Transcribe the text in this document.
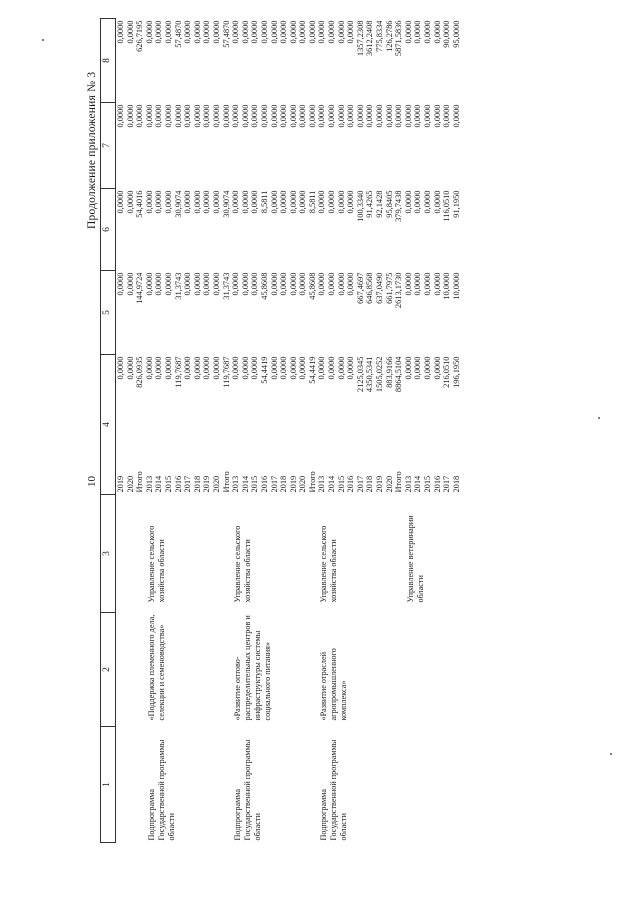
10
Продолжение приложения № 3
1	2	3	4		5	6	7	8
			2019	0,0000	0,0000	0,0000	0,0000	0,0000
			2020	0,0000	0,0000	0,0000	0,0000	0,0000
			Итого	826,0935	144,9724	54,4016	0,0000	626,7195
Подпрограмма Государственной программы области	«Поддержка племенного дела, селекции и семеноводства»	Управление сельского хозяйства области	2013	0,0000	0,0000	0,0000	0,0000	0,0000
			2014	0,0000	0,0000	0,0000	0,0000	0,0000
			2015	0,0000	0,0000	0,0000	0,0000	0,0000
			2016	119,7687	31,3743	30,9074	0,0000	57,4870
			2017	0,0000	0,0000	0,0000	0,0000	0,0000
			2018	0,0000	0,0000	0,0000	0,0000	0,0000
			2019	0,0000	0,0000	0,0000	0,0000	0,0000
			2020	0,0000	0,0000	0,0000	0,0000	0,0000
			Итого	119,7687	31,3743	30,9074	0,0000	57,4870
Подпрограмма Государственной программы области	«Развитие оптово-распределительных центров и инфраструктуры системы социального питания»	Управление сельского хозяйства области	2013	0,0000	0,0000	0,0000	0,0000	0,0000
			2014	0,0000	0,0000	0,0000	0,0000	0,0000
			2015	0,0000	0,0000	0,0000	0,0000	0,0000
			2016	54,4419	45,8608	8,5811	0,0000	0,0000
			2017	0,0000	0,0000	0,0000	0,0000	0,0000
			2018	0,0000	0,0000	0,0000	0,0000	0,0000
			2019	0,0000	0,0000	0,0000	0,0000	0,0000
			2020	0,0000	0,0000	0,0000	0,0000	0,0000
			Итого	54,4419	45,8608	8,5811	0,0000	0,0000
Подпрограмма Государственной программы области	«Развитие отраслей агропромышленного комплекса»	Управление сельского хозяйства области	2013	0,0000	0,0000	0,0000	0,0000	0,0000
			2014	0,0000	0,0000	0,0000	0,0000	0,0000
			2015	0,0000	0,0000	0,0000	0,0000	0,0000
			2016	0,0000	0,0000	0,0000	0,0000	0,0000
			2017	2125,0345	667,4697	100,3340	0,0000	1357,2308
			2018	4350,5341	646,8568	91,4265	0,0000	3612,2408
			2019	1505,0252	637,0490	92,1428	0,0000	775,8334
			2020	883,9166	661,7975	95,8405	0,0000	126,2786
			Итого	8864,5104	2613,1730	379,7438	0,0000	5871,5836
		Управление ветеринарии области	2013	0,0000	0,0000	0,0000	0,0000	0,0000
			2014	0,0000	0,0000	0,0000	0,0000	0,0000
			2015	0,0000	0,0000	0,0000	0,0000	0,0000
			2016	0,0000	0,0000	0,0000	0,0000	0,0000
			2017	216,0510	10,0000	116,0510	0,0000	90,0000
			2018	196,1950	10,0000	91,1950	0,0000	95,0000
